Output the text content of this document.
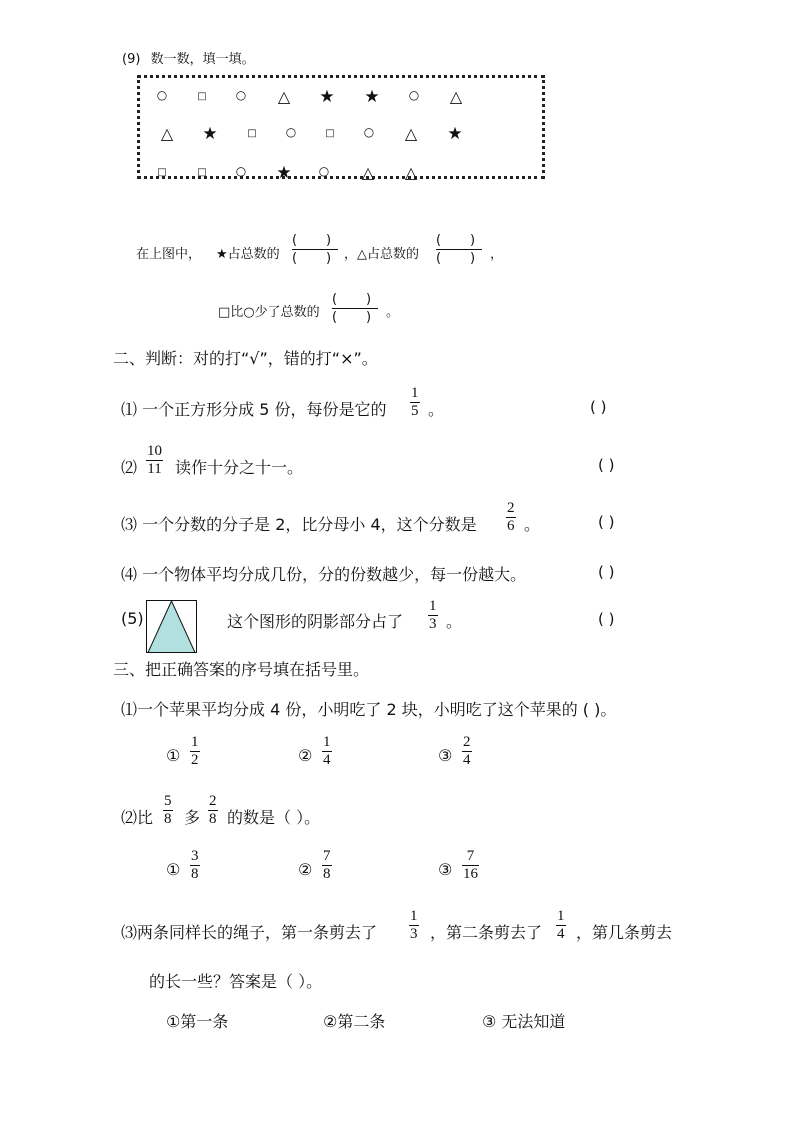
(9) 数一数，填一填。
○	□	○ △ ★ ★	○ △
△ ★	□	○	□	○ △ ★
□	□	○ ★	○ △ △
在上图中， ★占总数的
( )
( ) ，△占总数的
( )
( )	，
□比○少了总数的
( )
( )	。
二、判断：对的打“√”，错的打“×”。
⑴ 一个正方形分成 5 份，每份是它的
1
5 。	( )
⑵
10
11 读作十分之十一。	( )
⑶ 一个分数的分子是 2，比分母小 4，这个分数是
2
6 。	( )
⑷ 一个物体平均分成几份，分的份数越少，每一份越大。	( )
(5)	这个图形的阴影部分占了
1
3 。	( )
三、把正确答案的序号填在括号里。
⑴一个苹果平均分成 4 份，小明吃了 2 块，小明吃了这个苹果的 ( )。
①
1
2	②
1
4	③
2
4
⑵比
5
8 多
2
8 的数是（ ）。
①
3
8	②
7
8	③
7
16
⑶两条同样长的绳子，第一条剪去了
1
3 ，第二条剪去了
1
4 ，第几条剪去
的长一些？答案是（ ）。
①第一条	②第二条	③ 无法知道
